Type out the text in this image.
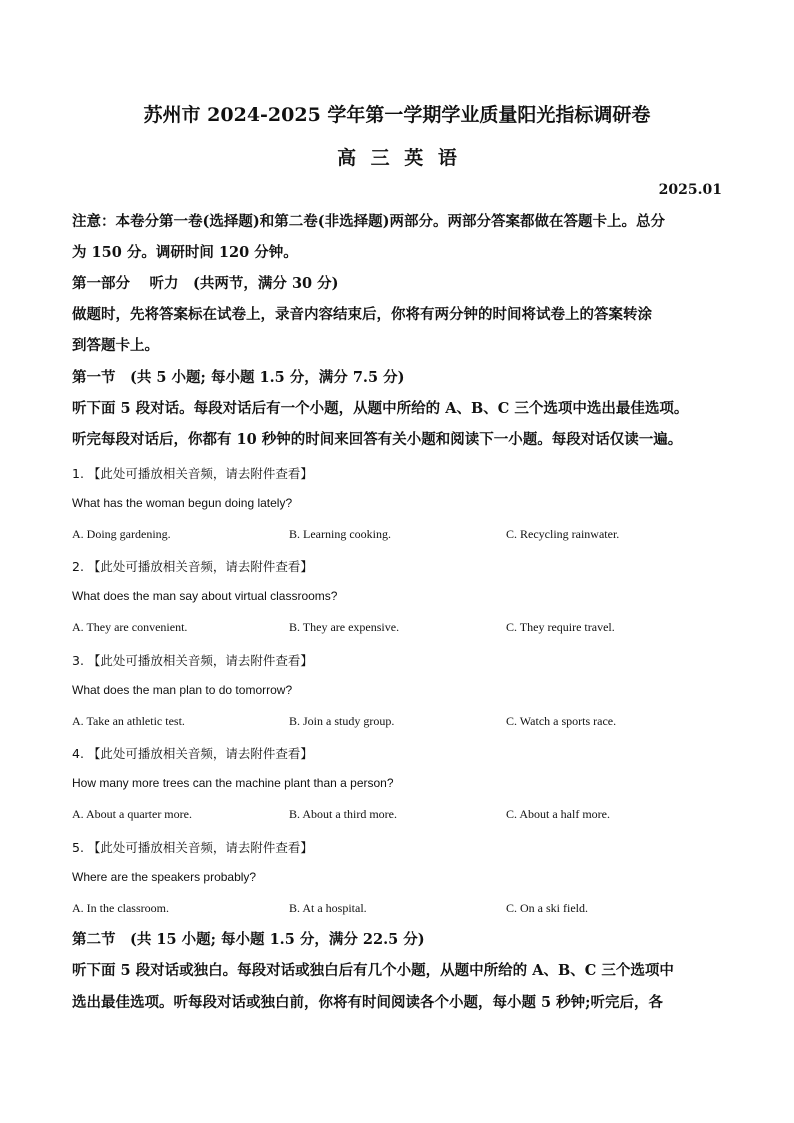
苏州市 2024-2025 学年第一学期学业质量阳光指标调研卷
高 三 英 语
2025.01
注意：本卷分第一卷(选择题)和第二卷(非选择题)两部分。两部分答案都做在答题卡上。总分
为 150 分。调研时间 120 分钟。
第一部分　 听力　(共两节，满分 30 分)
做题时，先将答案标在试卷上，录音内容结束后，你将有两分钟的时间将试卷上的答案转涂
到答题卡上。
第一节　(共 5 小题; 每小题 1.5 分，满分 7.5 分)
听下面 5 段对话。每段对话后有一个小题，从题中所给的 A、B、C 三个选项中选出最佳选项。
听完每段对话后，你都有 10 秒钟的时间来回答有关小题和阅读下一小题。每段对话仅读一遍。
1. 【此处可播放相关音频，请去附件查看】
What has the woman begun doing lately?
A. Doing gardening.	B. Learning cooking.	C. Recycling rainwater.
2. 【此处可播放相关音频，请去附件查看】
What does the man say about virtual classrooms?
A. They are convenient.	B. They are expensive.	C. They require travel.
3. 【此处可播放相关音频，请去附件查看】
What does the man plan to do tomorrow?
A. Take an athletic test.	B. Join a study group.	C. Watch a sports race.
4. 【此处可播放相关音频，请去附件查看】
How many more trees can the machine plant than a person?
A. About a quarter more.	B. About a third more.	C. About a half more.
5. 【此处可播放相关音频，请去附件查看】
Where are the speakers probably?
A. In the classroom.	B. At a hospital.	C. On a ski field.
第二节　(共 15 小题; 每小题 1.5 分，满分 22.5 分)
听下面 5 段对话或独白。每段对话或独白后有几个小题，从题中所给的 A、B、C 三个选项中
选出最佳选项。听每段对话或独白前，你将有时间阅读各个小题，每小题 5 秒钟;听完后，各
